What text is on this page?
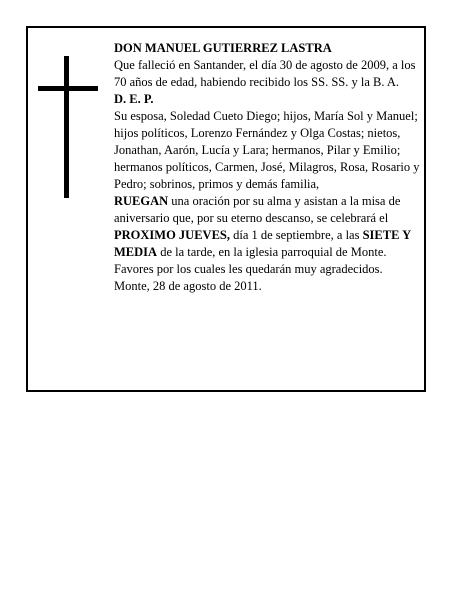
DON MANUEL GUTIERREZ LASTRA

Que falleció en Santander, el día 30 de agosto de 2009, a los 70 años de edad, habiendo recibido los SS. SS. y la B. A.

D. E. P.

Su esposa, Soledad Cueto Diego; hijos, María Sol y Manuel; hijos políticos, Lorenzo Fernández y Olga Costas; nietos, Jonathan, Aarón, Lucía y Lara; hermanos, Pilar y Emilio; hermanos políticos, Carmen, José, Milagros, Rosa, Rosario y Pedro; sobrinos, primos y demás familia,

RUEGAN una oración por su alma y asistan a la misa de aniversario que, por su eterno descanso, se celebrará el PROXIMO JUEVES, día 1 de septiembre, a las SIETE Y MEDIA de la tarde, en la iglesia parroquial de Monte. Favores por los cuales les quedarán muy agradecidos.

Monte, 28 de agosto de 2011.
